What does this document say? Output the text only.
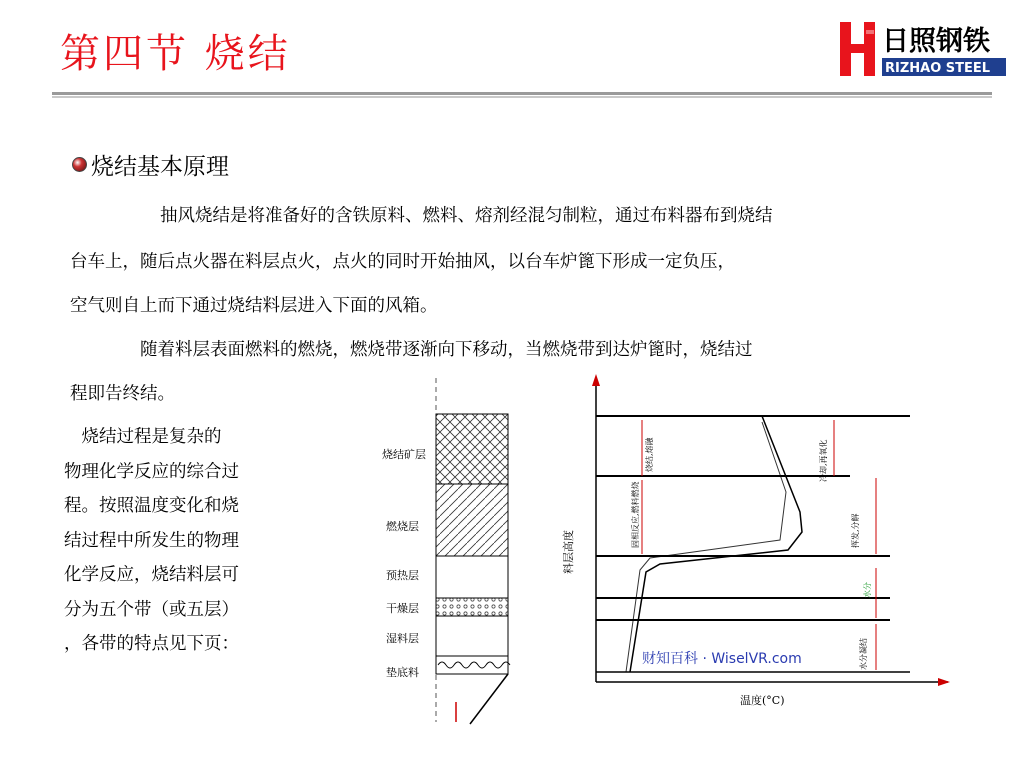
第四节 烧结	日照钢铁
RIZHAO STEEL
烧结基本原理
抽风烧结是将准备好的含铁原料、燃料、熔剂经混匀制粒，通过布料器布到烧结
台车上，随后点火器在料层点火，点火的同时开始抽风，以台车炉篦下形成一定负压，
空气则自上而下通过烧结料层进入下面的风箱。
随着料层表面燃料的燃烧，燃烧带逐渐向下移动，当燃烧带到达炉篦时，烧结过
程即告终结。
　烧结过程是复杂的
物理化学反应的综合过
程。按照温度变化和烧
结过程中所发生的物理
化学反应，烧结料层可
分为五个带（或五层）
，各带的特点见下页：
烧结矿层
燃烧层
预热层
干燥层
湿料层
垫底料
冷却,再氧化
烧结,熔融
固相反应,燃料燃烧	挥发,分解
水分
水分凝结
料层高度
温度(°C)
财知百科 · WiselVR.com
